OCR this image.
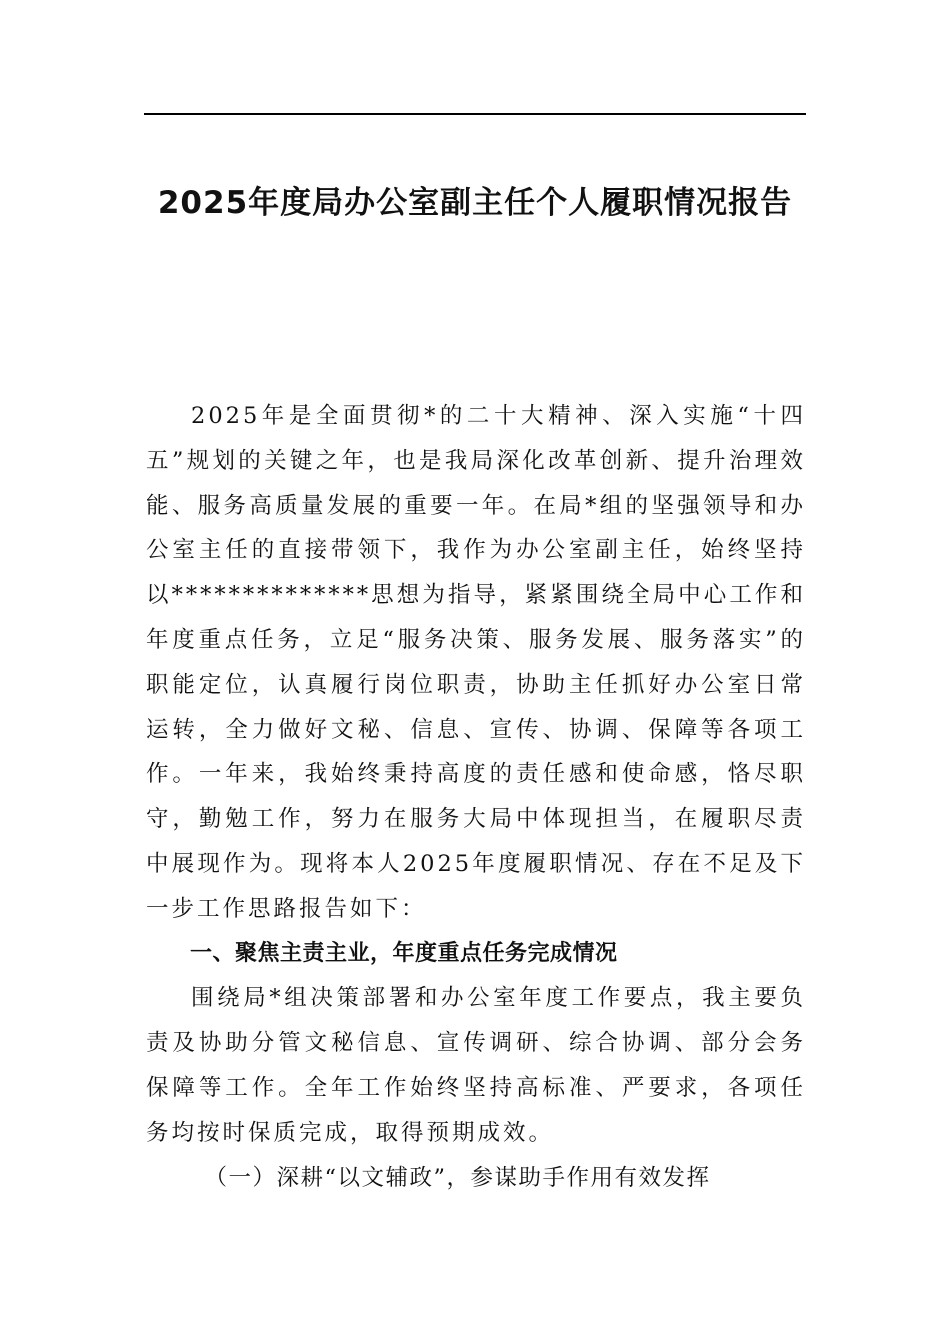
2025年度局办公室副主任个人履职情况报告

2025年是全面贯彻*的二十大精神、深入实施“十四五”规划的关键之年，也是我局深化改革创新、提升治理效能、服务高质量发展的重要一年。在局*组的坚强领导和办公室主任的直接带领下，我作为办公室副主任，始终坚持以**************思想为指导，紧紧围绕全局中心工作和年度重点任务，立足“服务决策、服务发展、服务落实”的职能定位，认真履行岗位职责，协助主任抓好办公室日常运转，全力做好文秘、信息、宣传、协调、保障等各项工作。一年来，我始终秉持高度的责任感和使命感，恪尽职守，勤勉工作，努力在服务大局中体现担当，在履职尽责中展现作为。现将本人2025年度履职情况、存在不足及下一步工作思路报告如下：

一、聚焦主责主业，年度重点任务完成情况

围绕局*组决策部署和办公室年度工作要点，我主要负责及协助分管文秘信息、宣传调研、综合协调、部分会务保障等工作。全年工作始终坚持高标准、严要求，各项任务均按时保质完成，取得预期成效。

（一）深耕“以文辅政”，参谋助手作用有效发挥
